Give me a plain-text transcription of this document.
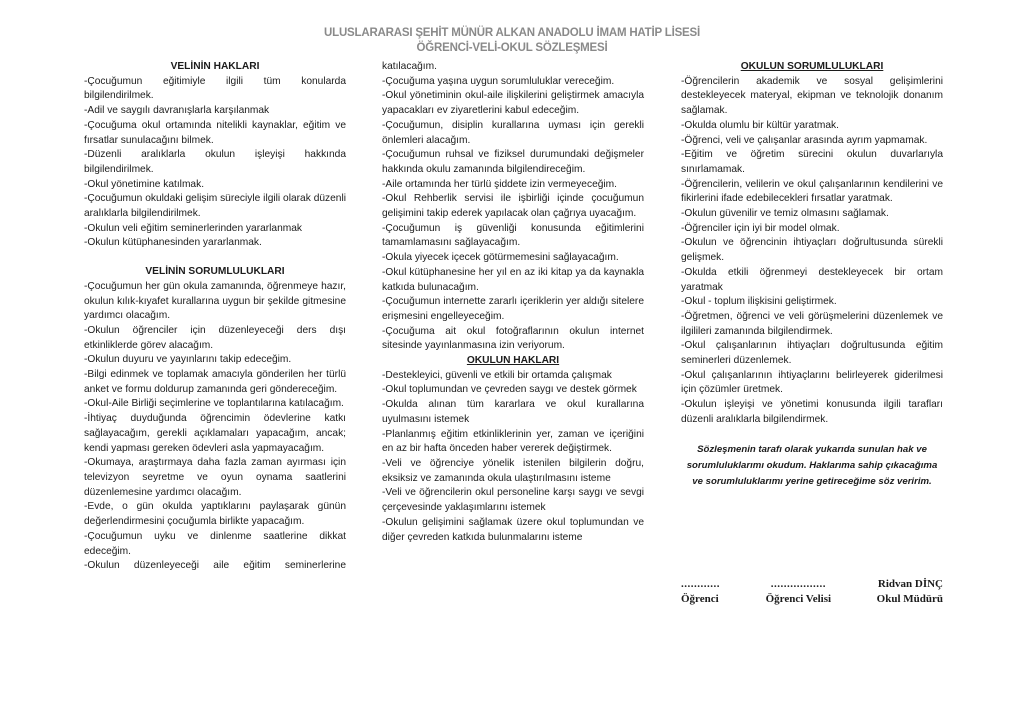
ULUSLARARASI ŞEHİT MÜNÜR ALKAN ANADOLU İMAM HATİP LİSESİ
ÖĞRENCİ-VELİ-OKUL SÖZLEŞMESİ
VELİNİN HAKLARI
-Çocuğumun eğitimiyle ilgili tüm konularda bilgilendirilmek.
-Adil ve saygılı davranışlarla karşılanmak
-Çocuğuma okul ortamında nitelikli kaynaklar, eğitim ve fırsatlar sunulacağını bilmek.
-Düzenli aralıklarla okulun işleyişi hakkında bilgilendirilmek.
-Okul yönetimine katılmak.
-Çocuğumun okuldaki gelişim süreciyle ilgili olarak düzenli aralıklarla bilgilendirilmek.
-Okulun veli eğitim seminerlerinden yararlanmak
-Okulun kütüphanesinden yararlanmak.
VELİNİN SORUMLULUKLARI
-Çocuğumun her gün okula zamanında, öğrenmeye hazır, okulun kılık-kıyafet kurallarına uygun bir şekilde gitmesine yardımcı olacağım.
-Okulun öğrenciler için düzenleyeceği ders dışı etkinliklerde görev alacağım.
-Okulun duyuru ve yayınlarını takip edeceğim.
-Bilgi edinmek ve toplamak amacıyla gönderilen her türlü anket ve formu doldurup zamanında geri göndereceğim.
-Okul-Aile Birliği seçimlerine ve toplantılarına katılacağım.
-İhtiyaç duyduğunda öğrencimin ödevlerine katkı sağlayacağım, gerekli açıklamaları yapacağım, ancak; kendi yapması gereken ödevleri asla yapmayacağım.
-Okumaya, araştırmaya daha fazla zaman ayırması için televizyon seyretme ve oyun oynama saatlerini düzenlemesine yardımcı olacağım.
-Evde, o gün okulda yaptıklarını paylaşarak günün değerlendirmesini çocuğumla birlikte yapacağım.
-Çocuğumun uyku ve dinlenme saatlerine dikkat edeceğim.
-Okulun düzenleyeceği aile eğitim seminerlerine
katılacağım.
-Çocuğuma yaşına uygun sorumluluklar vereceğim.
-Okul yönetiminin okul-aile ilişkilerini geliştirmek amacıyla yapacakları ev ziyaretlerini kabul edeceğim.
-Çocuğumun, disiplin kurallarına uyması için gerekli önlemleri alacağım.
-Çocuğumun ruhsal ve fiziksel durumundaki değişmeler hakkında okulu zamanında bilgilendireceğim.
-Aile ortamında her türlü şiddete izin vermeyeceğim.
-Okul Rehberlik servisi ile işbirliği içinde çocuğumun gelişimini takip ederek yapılacak olan çağrıya uyacağım.
-Çocuğumun iş güvenliği konusunda eğitimlerini tamamlamasını sağlayacağım.
-Okula yiyecek içecek götürmemesini sağlayacağım.
-Okul kütüphanesine her yıl en az iki kitap ya da kaynakla katkıda bulunacağım.
-Çocuğumun internette zararlı içeriklerin yer aldığı sitelere erişmesini engelleyeceğim.
-Çocuğuma ait okul fotoğraflarının okulun internet sitesinde yayınlanmasına izin veriyorum.
OKULUN HAKLARI
-Destekleyici, güvenli ve etkili bir ortamda çalışmak
-Okul toplumundan ve çevreden saygı ve destek görmek
-Okulda alınan tüm kararlara ve okul kurallarına uyulmasını istemek
-Planlanmış eğitim etkinliklerinin yer, zaman ve içeriğini en az bir hafta önceden haber vererek değiştirmek.
-Veli ve öğrenciye yönelik istenilen bilgilerin doğru, eksiksiz ve zamanında okula ulaştırılmasını isteme
-Veli ve öğrencilerin okul personeline karşı saygı ve sevgi çerçevesinde yaklaşımlarını istemek
-Okulun gelişimini sağlamak üzere okul toplumundan ve diğer çevreden katkıda bulunmalarını isteme
OKULUN SORUMLULUKLARI
-Öğrencilerin akademik ve sosyal gelişimlerini destekleyecek materyal, ekipman ve teknolojik donanım sağlamak.
-Okulda olumlu bir kültür yaratmak.
-Öğrenci, veli ve çalışanlar arasında ayrım yapmamak.
-Eğitim ve öğretim sürecini okulun duvarlarıyla sınırlamamak.
-Öğrencilerin, velilerin ve okul çalışanlarının kendilerini ve fikirlerini ifade edebilecekleri fırsatlar yaratmak.
-Okulun güvenilir ve temiz olmasını sağlamak.
-Öğrenciler için iyi bir model olmak.
-Okulun ve öğrencinin ihtiyaçları doğrultusunda sürekli gelişmek.
-Okulda etkili öğrenmeyi destekleyecek bir ortam yaratmak
-Okul - toplum ilişkisini geliştirmek.
-Öğretmen, öğrenci ve veli görüşmelerini düzenlemek ve ilgilileri zamanında bilgilendirmek.
-Okul çalışanlarının ihtiyaçları doğrultusunda eğitim seminerleri düzenlemek.
-Okul çalışanlarının ihtiyaçlarını belirleyerek giderilmesi için çözümler üretmek.
-Okulun işleyişi ve yönetimi konusunda ilgili tarafları düzenli aralıklarla bilgilendirmek.
Sözleşmenin tarafı olarak yukarıda sunulan hak ve sorumluluklarımı okudum. Haklarıma sahip çıkacağıma ve sorumluluklarımı yerine getireceğime söz veririm.
............
Öğrenci
.................
Öğrenci Velisi
Ridvan DİNÇ
Okul Müdürü
